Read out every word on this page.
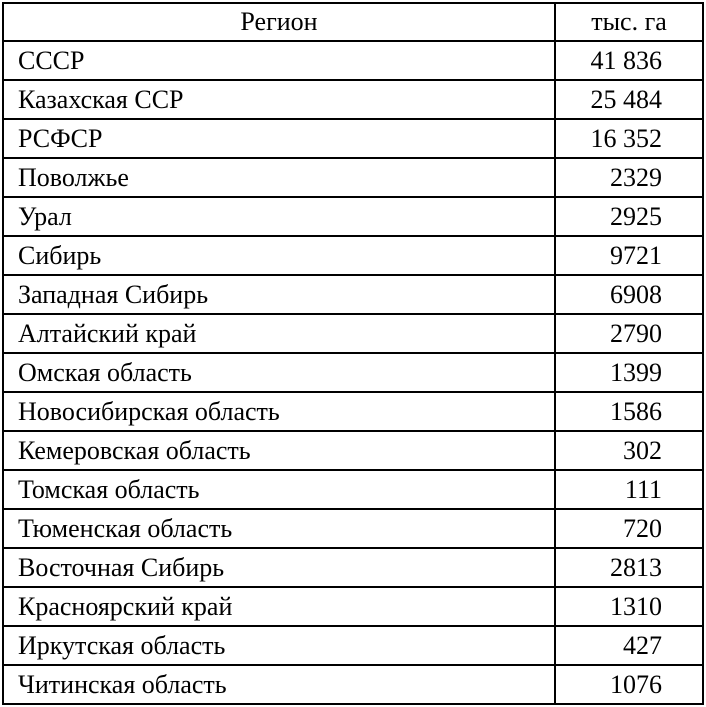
Регион	тыс. га
СССР	41 836
Казахская ССР	25 484
РСФСР	16 352
Поволжье	2329
Урал	2925
Сибирь	9721
Западная Сибирь	6908
Алтайский край	2790
Омская область	1399
Новосибирская область	1586
Кемеровская область	302
Томская область	111
Тюменская область	720
Восточная Сибирь	2813
Красноярский край	1310
Иркутская область	427
Читинская область	1076
